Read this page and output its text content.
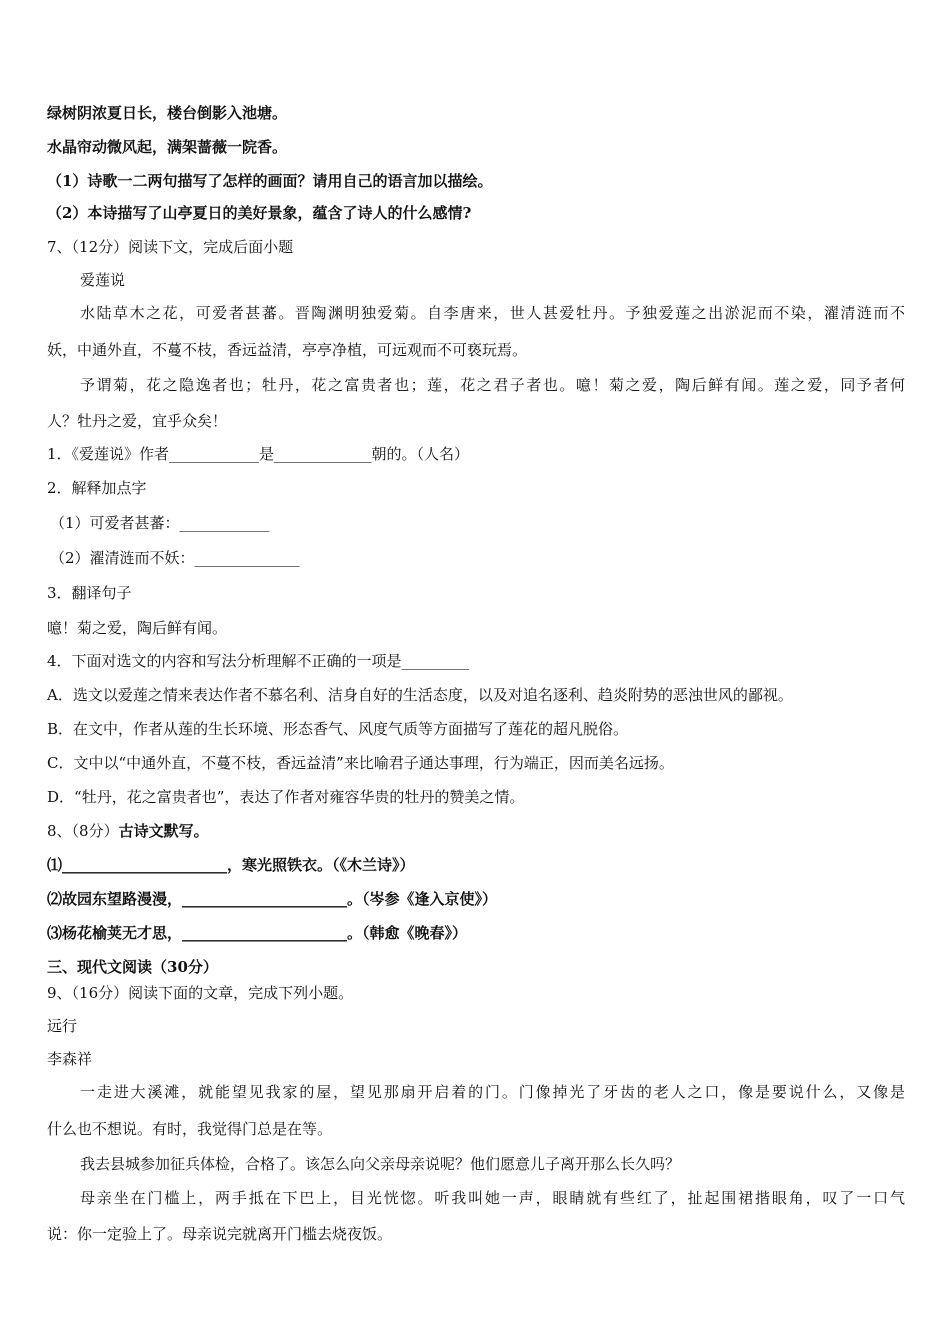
绿树阴浓夏日长，楼台倒影入池塘。
水晶帘动微风起，满架蔷薇一院香。
（1）诗歌一二两句描写了怎样的画面？请用自己的语言加以描绘。
（2）本诗描写了山亭夏日的美好景象，蕴含了诗人的什么感情?
7、（12分）阅读下文，完成后面小题
爱莲说
水陆草木之花，可爱者甚蕃。晋陶渊明独爱菊。自李唐来，世人甚爱牡丹。予独爱莲之出淤泥而不染，濯清涟而不
妖，中通外直，不蔓不枝，香远益清，亭亭净植，可远观而不可亵玩焉。
予谓菊，花之隐逸者也；牡丹，花之富贵者也；莲，花之君子者也。噫！菊之爱，陶后鲜有闻。莲之爱，同予者何
人？牡丹之爱，宜乎众矣！
1．《爱莲说》作者____________是_____________朝的。（人名）
2．解释加点字
（1）可爱者甚蕃：____________
（2）濯清涟而不妖：______________
3．翻译句子
噫！菊之爱，陶后鲜有闻。
4．下面对选文的内容和写法分析理解不正确的一项是_________
A．选文以爱莲之情来表达作者不慕名利、洁身自好的生活态度，以及对追名逐利、趋炎附势的恶浊世风的鄙视。
B．在文中，作者从莲的生长环境、形态香气、风度气质等方面描写了莲花的超凡脱俗。
C．文中以“中通外直，不蔓不枝，香远益清”来比喻君子通达事理，行为端正，因而美名远扬。
D．“牡丹，花之富贵者也”，表达了作者对雍容华贵的牡丹的赞美之情。
8、（8分）古诗文默写。
⑴______________________，寒光照铁衣。（《木兰诗》）
⑵故园东望路漫漫，______________________。（岑参《逢入京使》）
⑶杨花榆荚无才思，______________________。（韩愈《晚春》）
三、现代文阅读（30分）
9、（16分）阅读下面的文章，完成下列小题。
远行
李森祥
一走进大溪滩，就能望见我家的屋，望见那扇开启着的门。门像掉光了牙齿的老人之口，像是要说什么，又像是
什么也不想说。有时，我觉得门总是在等。
我去县城参加征兵体检，合格了。该怎么向父亲母亲说呢？他们愿意儿子离开那么长久吗？
母亲坐在门槛上，两手抵在下巴上，目光恍惚。听我叫她一声，眼睛就有些红了，扯起围裙揩眼角，叹了一口气
说：你一定验上了。母亲说完就离开门槛去烧夜饭。
